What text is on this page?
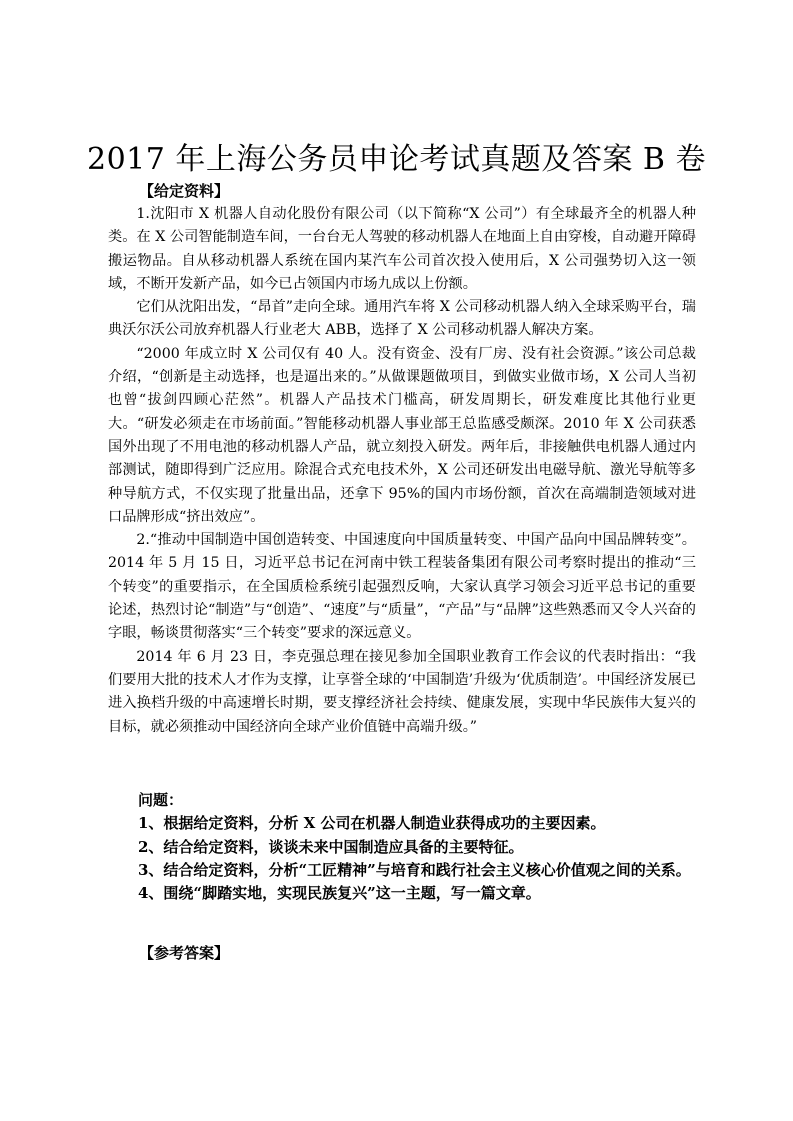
2017 年上海公务员申论考试真题及答案 B 卷
【给定资料】

1.沈阳市 X 机器人自动化股份有限公司（以下简称“X 公司”）有全球最齐全的机器人种类。在 X 公司智能制造车间，一台台无人驾驶的移动机器人在地面上自由穿梭，自动避开障碍搬运物品。自从移动机器人系统在国内某汽车公司首次投入使用后，X 公司强势切入这一领域，不断开发新产品，如今已占领国内市场九成以上份额。

它们从沈阳出发，“昂首”走向全球。通用汽车将 X 公司移动机器人纳入全球采购平台，瑞典沃尔沃公司放弃机器人行业老大 ABB，选择了 X 公司移动机器人解决方案。

“2000 年成立时 X 公司仅有 40 人。没有资金、没有厂房、没有社会资源。”该公司总裁介绍，“创新是主动选择，也是逼出来的。”从做课题做项目，到做实业做市场，X 公司人当初也曾“拔剑四顾心茫然”。机器人产品技术门槛高，研发周期长，研发难度比其他行业更大。“研发必须走在市场前面。”智能移动机器人事业部王总监感受颇深。2010 年 X 公司获悉国外出现了不用电池的移动机器人产品，就立刻投入研发。两年后，非接触供电机器人通过内部测试，随即得到广泛应用。除混合式充电技术外，X 公司还研发出电磁导航、激光导航等多种导航方式，不仅实现了批量出品，还拿下 95%的国内市场份额，首次在高端制造领域对进口品牌形成“挤出效应”。

2.“推动中国制造中国创造转变、中国速度向中国质量转变、中国产品向中国品牌转变”。2014 年 5 月 15 日，习近平总书记在河南中铁工程装备集团有限公司考察时提出的推动“三个转变”的重要指示，在全国质检系统引起强烈反响，大家认真学习领会习近平总书记的重要论述，热烈讨论“制造”与“创造”、“速度”与“质量”，“产品”与“品牌”这些熟悉而又令人兴奋的字眼，畅谈贯彻落实“三个转变”要求的深远意义。

2014 年 6 月 23 日，李克强总理在接见参加全国职业教育工作会议的代表时指出：“我们要用大批的技术人才作为支撑，让享誉全球的‘中国制造’升级为‘优质制造’。中国经济发展已进入换档升级的中高速增长时期，要支撑经济社会持续、健康发展，实现中华民族伟大复兴的目标，就必须推动中国经济向全球产业价值链中高端升级。”

问题：

1、根据给定资料，分析 X 公司在机器人制造业获得成功的主要因素。

2、结合给定资料，谈谈未来中国制造应具备的主要特征。

3、结合给定资料，分析“工匠精神”与培育和践行社会主义核心价值观之间的关系。

4、围绕“脚踏实地，实现民族复兴”这一主题，写一篇文章。

【参考答案】
